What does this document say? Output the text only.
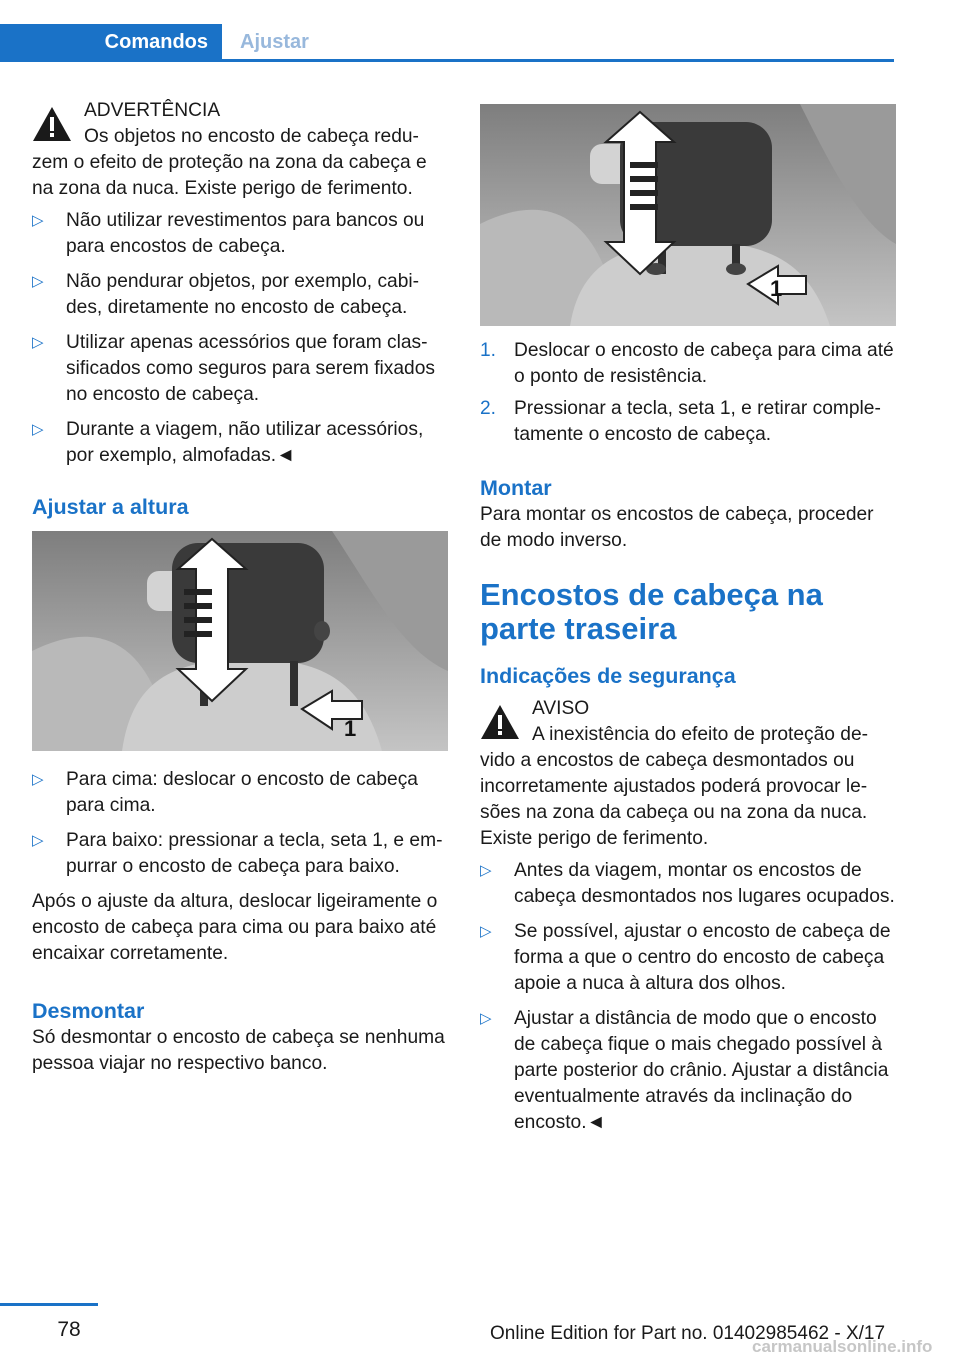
Comandos	Ajustar
ADVERTÊNCIA

Os objetos no encosto de cabeça reduzem o efeito de proteção na zona da cabeça e na zona da nuca. Existe perigo de ferimento.

▷ Não utilizar revestimentos para bancos ou para encostos de cabeça.
▷ Não pendurar objetos, por exemplo, cabides, diretamente no encosto de cabeça.
▷ Utilizar apenas acessórios que foram classificados como seguros para serem fixados no encosto de cabeça.
▷ Durante a viagem, não utilizar acessórios, por exemplo, almofadas.◄
Ajustar a altura
1
▷ Para cima: deslocar o encosto de cabeça para cima.
▷ Para baixo: pressionar a tecla, seta 1, e empurrar o encosto de cabeça para baixo.

Após o ajuste da altura, deslocar ligeiramente o encosto de cabeça para cima ou para baixo até encaixar corretamente.

Desmontar

Só desmontar o encosto de cabeça se nenhuma pessoa viajar no respectivo banco.

1
1. Deslocar o encosto de cabeça para cima até o ponto de resistência.
2. Pressionar a tecla, seta 1, e retirar completamente o encosto de cabeça.
Montar

Para montar os encostos de cabeça, proceder de modo inverso.

Encostos de cabeça na parte traseira
Indicações de segurança
AVISO

A inexistência do efeito de proteção devido a encostos de cabeça desmontados ou incorretamente ajustados poderá provocar lesões na zona da cabeça ou na zona da nuca. Existe perigo de ferimento.

▷ Antes da viagem, montar os encostos de cabeça desmontados nos lugares ocupados.
▷ Se possível, ajustar o encosto de cabeça de forma a que o centro do encosto de cabeça apoie a nuca à altura dos olhos.
▷ Ajustar a distância de modo que o encosto de cabeça fique o mais chegado possível à parte posterior do crânio. Ajustar a distância eventualmente através da inclinação do encosto.◄
78	Online Edition for Part no. 01402985462 - X/17
carmanualsonline.info
